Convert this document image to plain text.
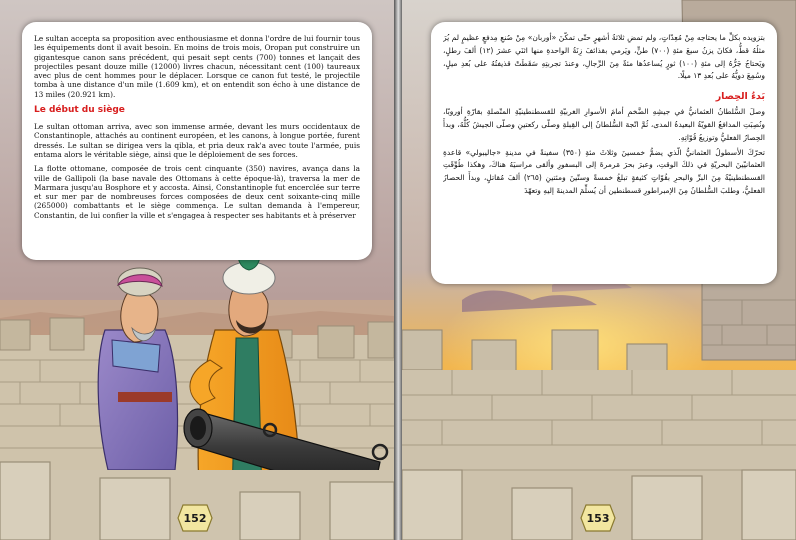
Le sultan accepta sa proposition avec enthousiasme et donna l'ordre de lui fournir tous les équipements dont il avait besoin. En moins de trois mois, Oropan put construire un gigantesque canon sans précédent, qui pesait sept cents (700) tonnes et lançait des projectiles pesant douze mille (12000) livres chacun, nécessitant cent (100) taureaux avec plus de cent hommes pour le déplacer. Lorsque ce canon fut testé, le projectile tomba à une distance d'un mile (1.609 km), et on entendit son écho à une distance de 13 miles (20.921 km).

Le début du siège

Le sultan ottoman arriva, avec son immense armée, devant les murs occidentaux de Constantinople, attachés au continent européen, et les canons, à longue portée, furent dressés. Le sultan se dirigea vers la qibla, et pria deux rak'a avec toute l'armée, puis entama alors le véritable siège, ainsi que le déploiement de ses forces.

La flotte ottomane, composée de trois cent cinquante (350) navires, avança dans la ville de Gallipoli (la base navale des Ottomans à cette époque-là), traversa la mer de Marmara jusqu'au Bosphore et y accosta. Ainsi, Constantinople fut encerclée sur terre et sur mer par de nombreuses forces composées de deux cent soixante-cinq mille (265000) combattants et le siège commença. Le sultan demanda à l'empereur, Constantin, de lui confier la ville et s'engagea à respecter ses habitants et à préserver

152

بتزويده بكلِّ ما يحتاجه مِنْ مُعِدّاتٍ، ولم تمضِ ثلاثةُ أشهرٍ حتّى تمكّنَ «أوربان» مِنْ صُنعِ مِدفعٍ عظيمٍ لم يُرَ مثلُهُ قطُّ، فكانَ يزنُ سبعَ مئةِ (٧٠٠) طنٍّ، ويَرمي بقذائفَ زِنَةُ الواحدةِ منها اثنَي عشرَ (١٢) ألفَ رطلٍ، ويَحتاجُ جَرُّهُ إلى مئةِ (١٠٠) ثورٍ يُساعدُها مئةٌ مِنَ الرِّجالِ، وعندَ تجربتِهِ سَقَطَتْ قذيفتُهُ على بُعدِ ميلٍ، وسُمِعَ دويُّهُ على بُعدِ ١٣ ميلًا.

بَدءُ الحِصار

وصلَ السُّلطانُ العثمانيُّ في جيشِهِ الضَّخمِ أمامَ الأسوارِ الغربيّةِ للقسطنطينيّةِ المتّصلةِ بقارّةِ أوروبّا، ونُصِبَتِ المدافعُ القويّةُ البعيدةُ المدى، ثُمَّ اتّجهَ السُّلطانُ إلى القِبلةِ وصلّى ركعتينِ وصلّى الجيشُ كُلُّهُ، وبدأَ الحِصارُ الفعليُّ وتوزيعُ قُوّاتِهِ.

تحرّكَ الأسطولُ العثمانيُّ الّذي يضمُّ خمسينَ وثلاثَ مئةِ (٣٥٠) سفينةً في مدينةِ «جاليبولي» قاعدةِ العثمانيّينَ البحريّةِ في ذلكَ الوقتِ، وعبرَ بحرَ مَرمرةَ إلى البسفورِ وألقى مراسيَهُ هناكَ، وهكذا طُوِّقَتِ القسطنطينيّةُ مِنَ البرِّ والبحرِ بقُوّاتٍ كثيفةٍ تبلغُ خمسةً وستّينَ ومئتينِ (٢٦٥) ألفَ مُقاتلٍ، وبدأَ الحصارُ الفعليُّ، وطلبَ السُّلطانُ مِنَ الإمبراطورِ قسطنطين أن يُسلِّمَ المدينةَ إليهِ وتعهّدَ

153
